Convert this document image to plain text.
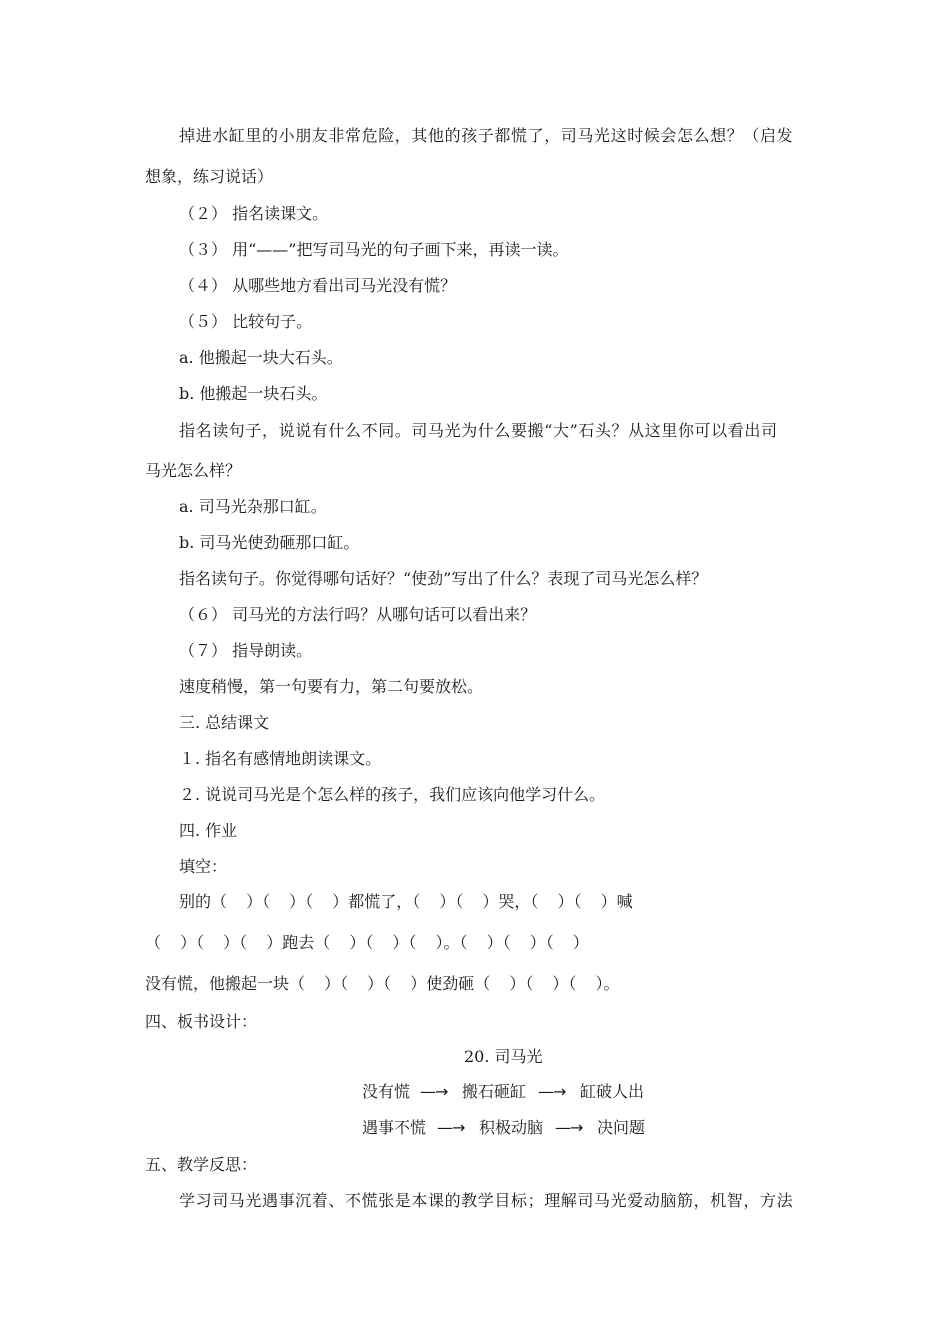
掉进水缸里的小朋友非常危险，其他的孩子都慌了，司马光这时候会怎么想？（启发
想象，练习说话）
（２） 指名读课文。
（３） 用“——”把写司马光的句子画下来，再读一读。
（４） 从哪些地方看出司马光没有慌？
（５） 比较句子。
a. 他搬起一块大石头。
b. 他搬起一块石头。
指名读句子，说说有什么不同。司马光为什么要搬“大”石头？从这里你可以看出司
马光怎么样？
a. 司马光杂那口缸。
b. 司马光使劲砸那口缸。
指名读句子。你觉得哪句话好？“使劲”写出了什么？表现了司马光怎么样？
（６） 司马光的方法行吗？从哪句话可以看出来？
（７） 指导朗读。
速度稍慢，第一句要有力，第二句要放松。
三. 总结课文
１. 指名有感情地朗读课文。
２. 说说司马光是个怎么样的孩子，我们应该向他学习什么。
四. 作业
填空：
别的（ ）（ ）（ ）都慌了，（ ）（ ）哭，（ ）（ ）喊
（ ）（ ）（ ）跑去（ ）（ ）（ ）。（ ）（ ）（ ）
没有慌，他搬起一块（ ）（ ）（ ）使劲砸（ ）（ ）（ ）。
四、板书设计：
20. 司马光
没有慌 —→ 搬石砸缸 —→ 缸破人出
遇事不慌 —→ 积极动脑 —→ 决问题
五、教学反思：
学习司马光遇事沉着、不慌张是本课的教学目标；理解司马光爱动脑筋，机智，方法
